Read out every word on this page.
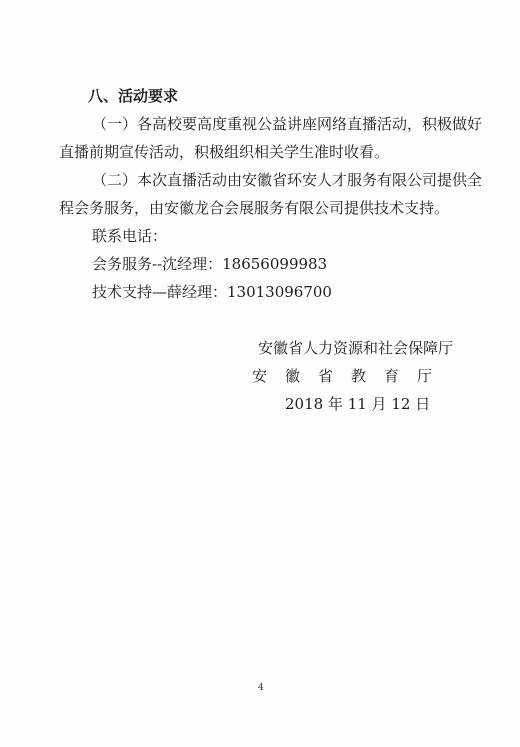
八、活动要求
（一）各高校要高度重视公益讲座网络直播活动，积极做好
直播前期宣传活动，积极组织相关学生准时收看。
（二）本次直播活动由安徽省环安人才服务有限公司提供全
程会务服务，由安徽龙合会展服务有限公司提供技术支持。
联系电话：
会务服务--沈经理：18656099983
技术支持—薛经理：13013096700
安徽省人力资源和社会保障厅
安徽省教育厅
2018 年 11 月 12 日
4
